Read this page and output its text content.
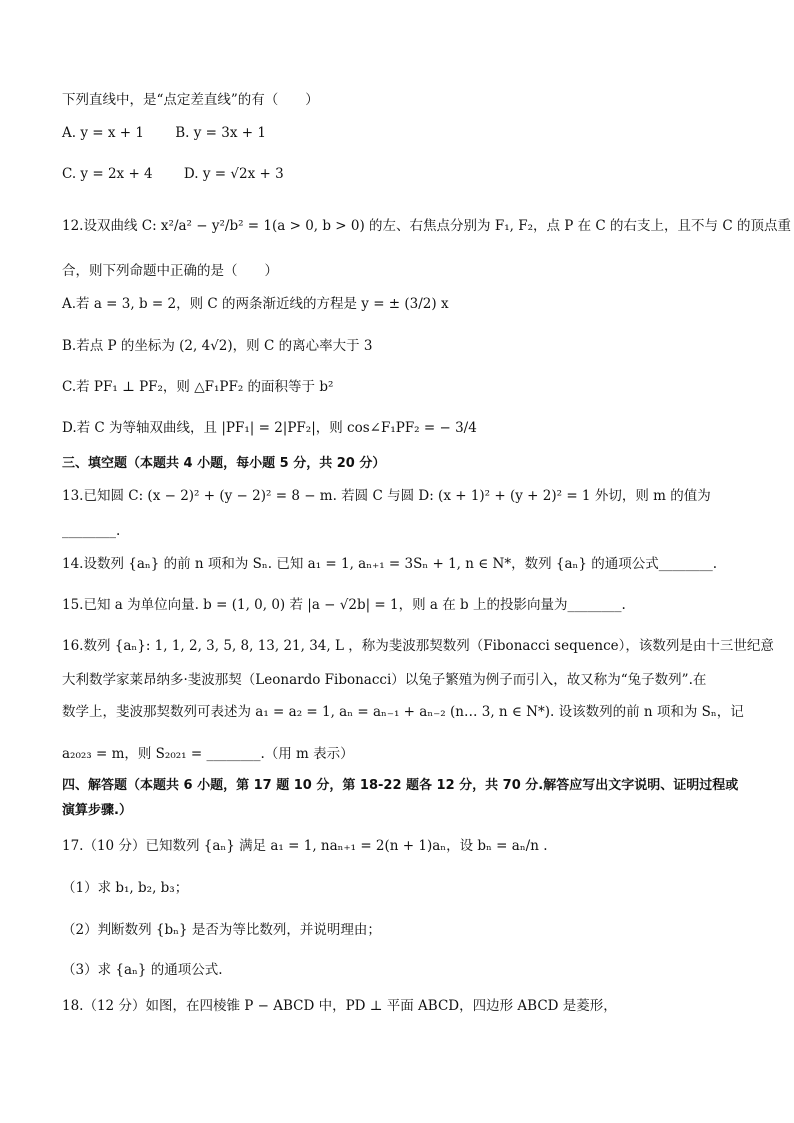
下列直线中，是“点定差直线”的有（　　）
A. y = x + 1　　 B. y = 3x + 1
C. y = 2x + 4　　 D. y = √2x + 3
12.设双曲线 C: x²/a² − y²/b² = 1(a > 0, b > 0) 的左、右焦点分别为 F₁, F₂，点 P 在 C 的右支上，且不与 C 的顶点重
合，则下列命题中正确的是（　　）
A.若 a = 3, b = 2，则 C 的两条渐近线的方程是 y = ± (3/2) x
B.若点 P 的坐标为 (2, 4√2)，则 C 的离心率大于 3
C.若 PF₁ ⊥ PF₂，则 △F₁PF₂ 的面积等于 b²
D.若 C 为等轴双曲线，且 |PF₁| = 2|PF₂|，则 cos∠F₁PF₂ = − 3/4
三、填空题（本题共 4 小题，每小题 5 分，共 20 分）
13.已知圆 C: (x − 2)² + (y − 2)² = 8 − m. 若圆 C 与圆 D: (x + 1)² + (y + 2)² = 1 外切，则 m 的值为
________.
14.设数列 {aₙ} 的前 n 项和为 Sₙ. 已知 a₁ = 1, aₙ₊₁ = 3Sₙ + 1, n ∈ N*，数列 {aₙ} 的通项公式________.
15.已知 a 为单位向量. b = (1, 0, 0) 若 |a − √2b| = 1，则 a 在 b 上的投影向量为________.
16.数列 {aₙ}: 1, 1, 2, 3, 5, 8, 13, 21, 34, L ，称为斐波那契数列（Fibonacci sequence），该数列是由十三世纪意
大利数学家莱昂纳多·斐波那契（Leonardo Fibonacci）以兔子繁殖为例子而引入，故又称为“兔子数列”.在
数学上，斐波那契数列可表述为 a₁ = a₂ = 1, aₙ = aₙ₋₁ + aₙ₋₂ (n… 3, n ∈ N*). 设该数列的前 n 项和为 Sₙ，记
a₂₀₂₃ = m，则 S₂₀₂₁ = ________.（用 m 表示）
四、解答题（本题共 6 小题，第 17 题 10 分，第 18-22 题各 12 分，共 70 分.解答应写出文字说明、证明过程或
演算步骤.）
17.（10 分）已知数列 {aₙ} 满足 a₁ = 1, naₙ₊₁ = 2(n + 1)aₙ，设 bₙ = aₙ/n .
（1）求 b₁, b₂, b₃；
（2）判断数列 {bₙ} 是否为等比数列，并说明理由；
（3）求 {aₙ} 的通项公式.
18.（12 分）如图，在四棱锥 P − ABCD 中，PD ⊥ 平面 ABCD，四边形 ABCD 是菱形，
